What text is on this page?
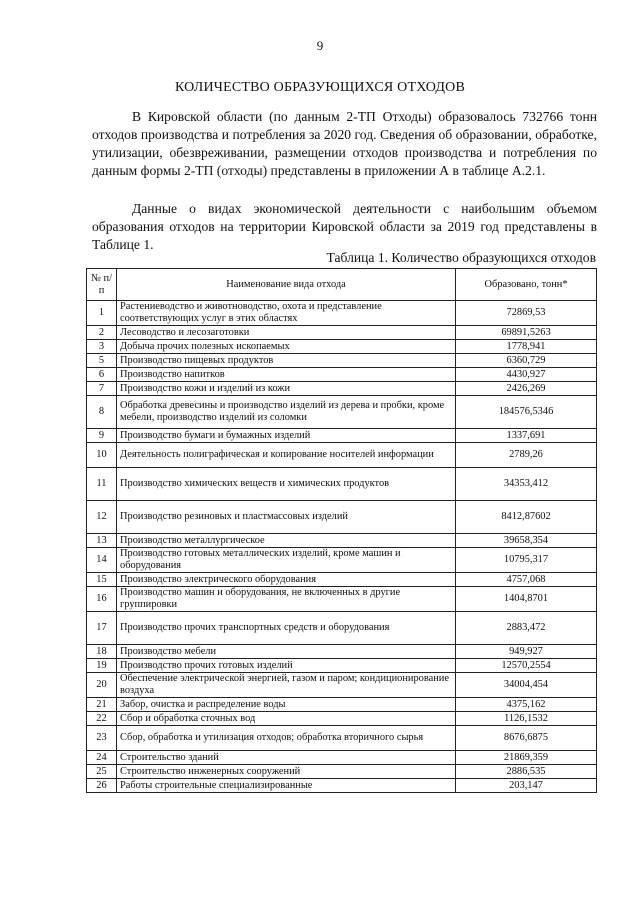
9
КОЛИЧЕСТВО ОБРАЗУЮЩИХСЯ ОТХОДОВ

В Кировской области (по данным 2-ТП Отходы) образовалось 732766 тонн отходов производства и потребления за 2020 год. Сведения об образовании, обработке, утилизации, обезвреживании, размещении отходов производства и потребления по данным формы 2-ТП (отходы) представлены в приложении А в таблице А.2.1.

Данные о видах экономической деятельности с наибольшим объемом образования отходов на территории Кировской области за 2019 год представлены в Таблице 1.

Таблица 1. Количество образующихся отходов
№ п/п	Наименование вида отхода	Образовано, тонн*
1	Растениеводство и животноводство, охота и представление соответствующих услуг в этих областях	72869,53
2	Лесоводство и лесозаготовки	69891,5263
3	Добыча прочих полезных ископаемых	1778,941
5	Производство пищевых продуктов	6360,729
6	Производство напитков	4430,927
7	Производство кожи и изделий из кожи	2426,269
8	Обработка древесины и производство изделий из дерева и пробки, кроме мебели, производство изделий из соломки	184576,5346
9	Производство бумаги и бумажных изделий	1337,691
10	Деятельность полиграфическая и копирование носителей информации	2789,26
11	Производство химических веществ и химических продуктов	34353,412
12	Производство резиновых и пластмассовых изделий	8412,87602
13	Производство металлургическое	39658,354
14	Производство готовых металлических изделий, кроме машин и оборудования	10795,317
15	Производство электрического оборудования	4757,068
16	Производство машин и оборудования, не включенных в другие группировки	1404,8701
17	Производство прочих транспортных средств и оборудования	2883,472
18	Производство мебели	949,927
19	Производство прочих готовых изделий	12570,2554
20	Обеспечение электрической энергией, газом и паром; кондиционирование воздуха	34004,454
21	Забор, очистка и распределение воды	4375,162
22	Сбор и обработка сточных вод	1126,1532
23	Сбор, обработка и утилизация отходов; обработка вторичного сырья	8676,6875
24	Строительство зданий	21869,359
25	Строительство инженерных сооружений	2886,535
26	Работы строительные специализированные	203,147
